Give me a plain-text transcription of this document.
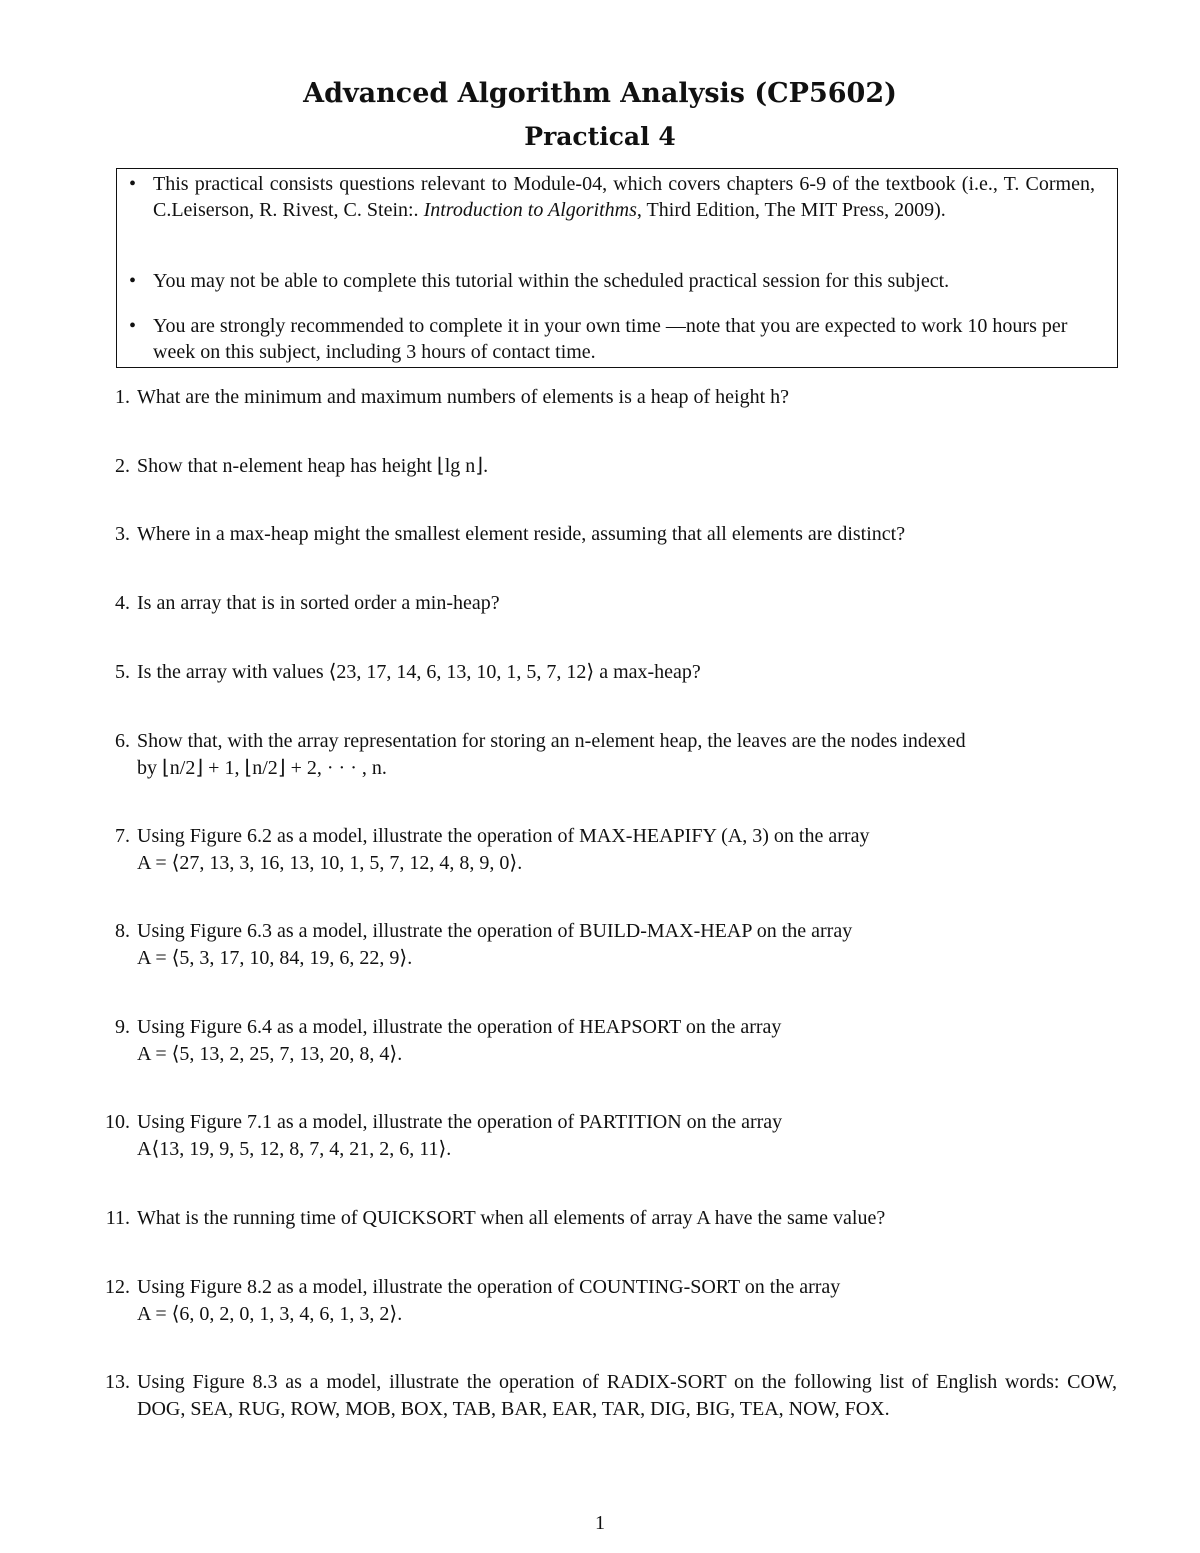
Advanced Algorithm Analysis (CP5602)
Practical 4
• This practical consists questions relevant to Module-04, which covers chapters 6-9 of the textbook (i.e., T. Cormen, C.Leiserson, R. Rivest, C. Stein:. Introduction to Algorithms, Third Edition, The MIT Press, 2009).
• You may not be able to complete this tutorial within the scheduled practical session for this subject.
• You are strongly recommended to complete it in your own time —note that you are expected to work 10 hours per week on this subject, including 3 hours of contact time.
1. What are the minimum and maximum numbers of elements is a heap of height h?
2. Show that n-element heap has height ⌊lg n⌋.
3. Where in a max-heap might the smallest element reside, assuming that all elements are distinct?
4. Is an array that is in sorted order a min-heap?
5. Is the array with values ⟨23, 17, 14, 6, 13, 10, 1, 5, 7, 12⟩ a max-heap?
6. Show that, with the array representation for storing an n-element heap, the leaves are the nodes indexed
by ⌊n/2⌋ + 1, ⌊n/2⌋ + 2, · · · , n.
7. Using Figure 6.2 as a model, illustrate the operation of MAX-HEAPIFY (A, 3) on the array
A = ⟨27, 13, 3, 16, 13, 10, 1, 5, 7, 12, 4, 8, 9, 0⟩.
8. Using Figure 6.3 as a model, illustrate the operation of BUILD-MAX-HEAP on the array
A = ⟨5, 3, 17, 10, 84, 19, 6, 22, 9⟩.
9. Using Figure 6.4 as a model, illustrate the operation of HEAPSORT on the array
A = ⟨5, 13, 2, 25, 7, 13, 20, 8, 4⟩.
10. Using Figure 7.1 as a model, illustrate the operation of PARTITION on the array
A⟨13, 19, 9, 5, 12, 8, 7, 4, 21, 2, 6, 11⟩.
11. What is the running time of QUICKSORT when all elements of array A have the same value?
12. Using Figure 8.2 as a model, illustrate the operation of COUNTING-SORT on the array
A = ⟨6, 0, 2, 0, 1, 3, 4, 6, 1, 3, 2⟩.
13. Using Figure 8.3 as a model, illustrate the operation of RADIX-SORT on the following list of English words: COW, DOG, SEA, RUG, ROW, MOB, BOX, TAB, BAR, EAR, TAR, DIG, BIG, TEA, NOW, FOX.
1
